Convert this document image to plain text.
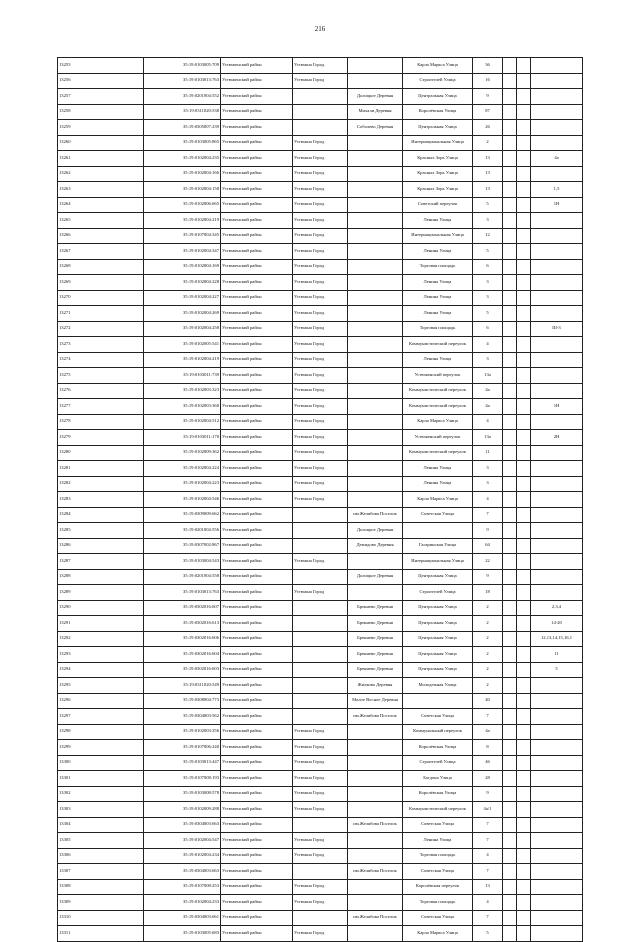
216
13255	35:19:0103005:709	Устюженский район	Устюжна Город		Карла Маркса Улица	36			
13256	35:19:0103013:763	Устюженский район	Устюжна Город		Строителей Улица	16			
13257	35:19:0201004:552	Устюженский район		Долоцкое Деревня	Центральная Улица	9			
13258	35:19:0311020:538	Устюженский район		Михали Деревня	Королёвская Улица	87			
13259	35:19:0305007:239	Устюженский район		Соболево Деревня	Центральная Улица	26			
13260	35:19:0103005:865	Устюженский район	Устюжна Город		Интернациональная Улица	2			
13261	35:19:0102004:235	Устюженский район	Устюжна Город		Красных Зорь Улица	13			4а
13262	35:19:0102004:166	Устюженский район	Устюжна Город		Красных Зорь Улица	13			
13263	35:19:0102004:158	Устюженский район	Устюжна Город		Красных Зорь Улица	13			1,5
13264	35:19:0102006:665	Устюженский район	Устюжна Город		Советский переулок	5			1Н
13265	35:19:0102004:219	Устюженский район	Устюжна Город		Ленина Улица	3			
13266	35:19:0107004:345	Устюженский район	Устюжна Город		Интернациональная Улица	12			
13267	35:19:0102004:347	Устюженский район	Устюжна Город		Ленина Улица	5			
13268	35:19:0102004:169	Устюженский район	Устюжна Город		Торговая площадь	6			
13269	35:19:0102004:228	Устюженский район	Устюжна Город		Ленина Улица	3			
13270	35:19:0102004:227	Устюженский район	Устюжна Город		Ленина Улица	3			
13271	35:19:0102004:269	Устюженский район	Устюжна Город		Ленина Улица	5			
13272	35:19:0102004:258	Устюженский район	Устюжна Город		Торговая площадь	6			Ш-3
13273	35:19:0102005:541	Устюженский район	Устюжна Город		Коммунистический переулок	4			
13274	35:19:0102004:219	Устюженский район	Устюжна Город		Ленина Улица	3			
13275	35:19:0103011:739	Устюженский район	Устюжна Город		Устюженский переулок	13а			
13276	35:19:0102003:323	Устюженский район	Устюжна Город		Коммунистический переулок	4а			
13277	35:19:0102003:360	Устюженский район	Устюжна Город		Коммунистический переулок	4а			1Н
13278	35:19:0102004:512	Устюженский район	Устюжна Город		Карла Маркса Улица	4			
13279	35:19:0103011:170	Устюженский район	Устюжна Город		Устюженский переулок	13а			2Н
13280	35:19:0102009:362	Устюженский район	Устюжна Город		Коммунистический переулок	11			
13281	35:19:0102004:224	Устюженский район	Устюжна Город		Ленина Улица	3			
13282	35:19:0102004:223	Устюженский район	Устюжна Город		Ленина Улица	3			
13283	35:19:0102004:546	Устюженский район	Устюжна Город		Карла Маркса Улица	4			
13284	35:19:0309009:662	Устюженский район		им.Желябова Поселок	Советская Улица	7			
13285	35:19:0201004:556	Устюженский район		Долоцкое Деревня		9			
13286	35:19:0307002:867	Устюженский район		Демидово Деревня	Гагаринская Улица	64			
13287	35:19:0103004:543	Устюженский район	Устюжна Город		Интернациональная Улица	22			
13288	35:19:0201004:558	Устюженский район		Долоцкое Деревня	Центральная Улица	9			
13289	35:19:0103013:763	Устюженский район	Устюжна Город		Строителей Улица	18			
13290	35:19:0302016:607	Устюженский район		Бреннево Деревня	Центральная Улица	2			2,3,4
13291	35:19:0302016:613	Устюженский район		Бреннево Деревня	Центральная Улица	2			14-20
13292	35:19:0302016:606	Устюженский район		Бреннево Деревня	Центральная Улица	2			12,13,14,15,16,1
13293	35:19:0302016:604	Устюженский район		Бреннево Деревня	Центральная Улица	2			11
13294	35:19:0302016:603	Устюженский район		Бреннево Деревня	Центральная Улица	2			5
13295	35:19:0311020:549	Устюженский район		Жилкова Деревня	Молодежная Улица	2			
13296	35:19:0308004:773	Устюженский район		Малое Восное Деревня		40			
13297	35:19:0304003:562	Устюженский район		им.Желябова Поселок	Советская Улица	7			
13298	35:19:0102003:356	Устюженский район	Устюжна Город		Коммунальный переулок	4а			
13299	35:19:0107006:240	Устюженский район	Устюжна Город		Королёвская Улица	8			
13300	35:19:0103013:447	Устюженский район	Устюжна Город		Строителей Улица	46			
13301	35:19:0107008:193	Устюженский район	Устюжна Город		Богдена Улица	28			
13302	35:19:0103008:578	Устюженский район	Устюжна Город		Королёвская Улица	9			
13303	35:19:0102009:288	Устюженский район	Устюжна Город		Коммунистический переулок	4а/1			
13304	35:19:0304003:663	Устюженский район		им.Желябова Поселок	Советская Улица	7			
13305	35:19:0102004:547	Устюженский район	Устюжна Город		Ленина Улица	7			
13306	35:19:0102004:234	Устюженский район	Устюжна Город		Торговая площадь	4			
13307	35:19:0304003:663	Устюженский район		им.Желябова Поселок	Советская Улица	7			
13308	35:19:0107008:253	Устюженский район	Устюжна Город		Королёвская переулок	13			
13309	35:19:0102004:233	Устюженский район	Устюжна Город		Торговая площадь	4			
13310	35:19:0304003:661	Устюженский район		им.Желябова Поселок	Советская Улица	7			
13311	35:19:0103005:683	Устюженский район	Устюжна Город		Карла Маркса Улица	5			
